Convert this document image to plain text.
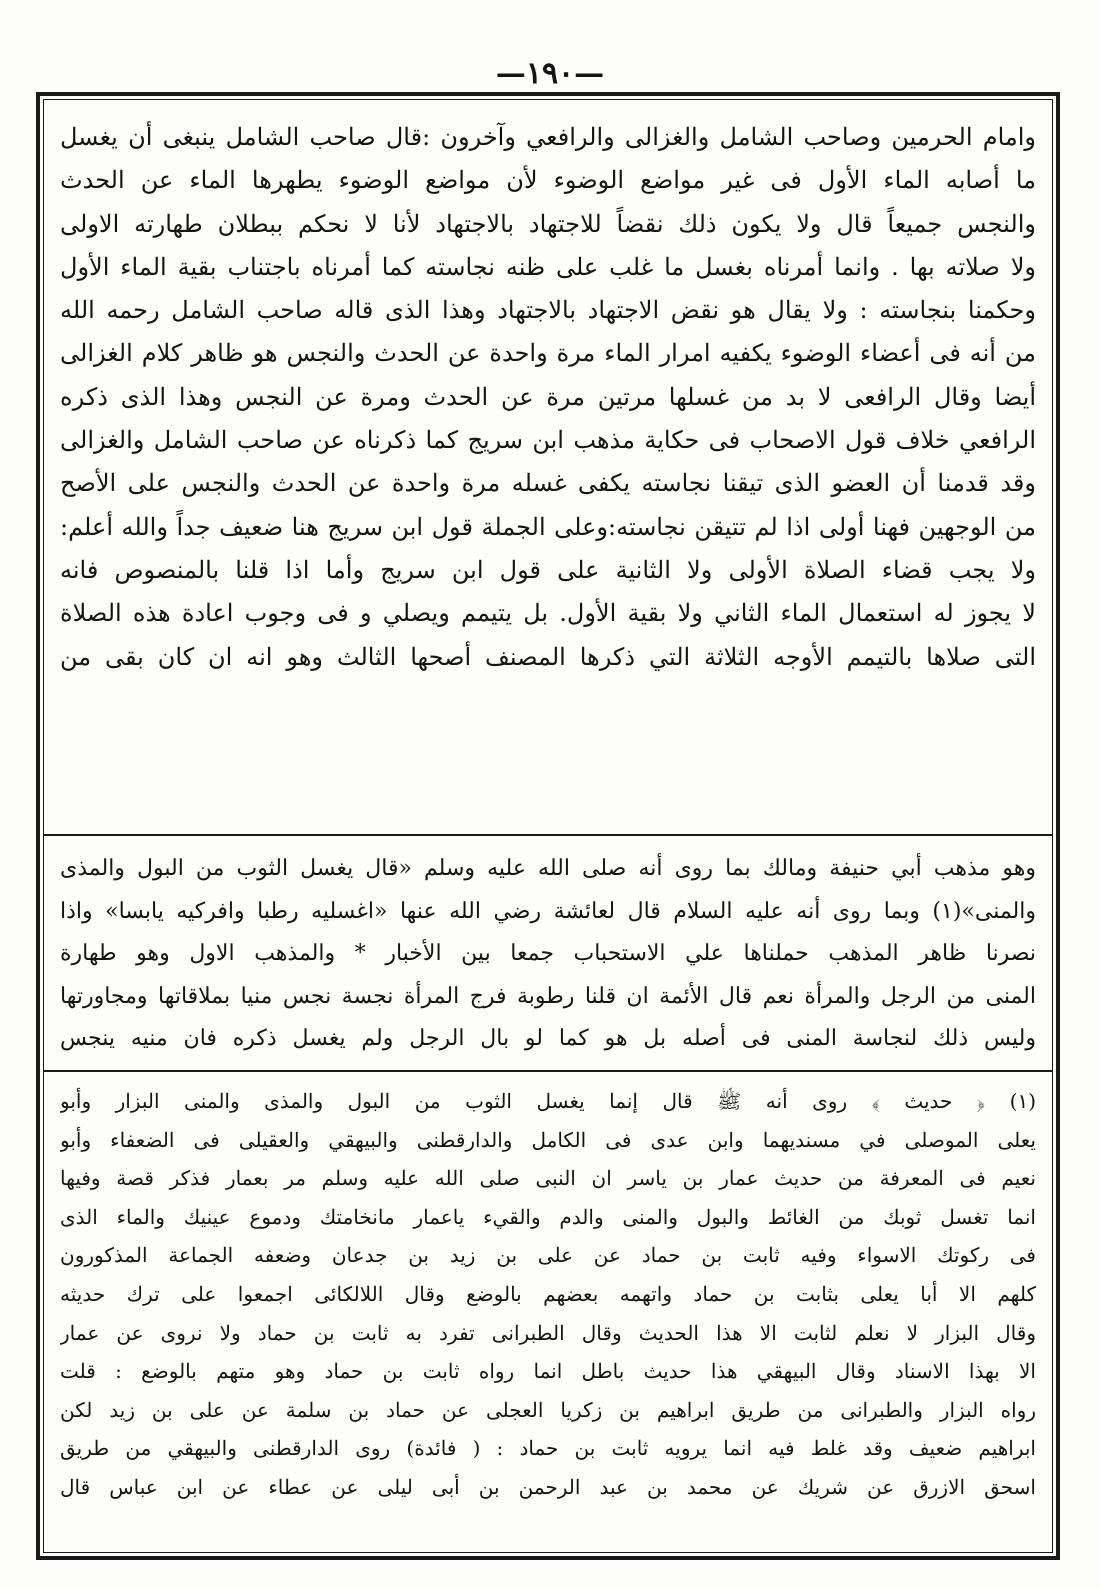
—١٩٠—

وامام الحرمين وصاحب الشامل والغزالى والرافعي وآخرون :قال صاحب الشامل ينبغى أن يغسل

ما أصابه الماء الأول فى غير مواضع الوضوء لأن مواضع الوضوء يطهرها الماء عن الحدث

والنجس جميعاً قال ولا يكون ذلك نقضاً للاجتهاد بالاجتهاد لأنا لا نحكم ببطلان طهارته الاولى

ولا صلاته بها . وانما أمرناه بغسل ما غلب على ظنه نجاسته كما أمرناه باجتناب بقية الماء الأول

وحكمنا بنجاسته : ولا يقال هو نقض الاجتهاد بالاجتهاد وهذا الذى قاله صاحب الشامل رحمه الله

من أنه فى أعضاء الوضوء يكفيه امرار الماء مرة واحدة عن الحدث والنجس هو ظاهر كلام الغزالى

أيضا وقال الرافعى لا بد من غسلها مرتين مرة عن الحدث ومرة عن النجس وهذا الذى ذكره

الرافعي خلاف قول الاصحاب فى حكاية مذهب ابن سريج كما ذكرناه عن صاحب الشامل والغزالى

وقد قدمنا أن العضو الذى تيقنا نجاسته يكفى غسله مرة واحدة عن الحدث والنجس على الأصح

من الوجهين فهنا أولى اذا لم تتيقن نجاسته:وعلى الجملة قول ابن سريج هنا ضعيف جداً والله أعلم:

ولا يجب قضاء الصلاة الأولى ولا الثانية على قول ابن سريج وأما اذا قلنا بالمنصوص فانه

لا يجوز له استعمال الماء الثاني ولا بقية الأول. بل يتيمم ويصلي و فى وجوب اعادة هذه الصلاة

التى صلاها بالتيمم الأوجه الثلاثة التي ذكرها المصنف أصحها الثالث وهو انه ان كان بقى من

وهو مذهب أبي حنيفة ومالك بما روى أنه صلى الله عليه وسلم «قال يغسل الثوب من البول والمذى

والمنى»(١) وبما روى أنه عليه السلام قال لعائشة رضي الله عنها «اغسليه رطبا وافركيه يابسا» واذا

نصرنا ظاهر المذهب حملناها علي الاستحباب جمعا بين الأخبار * والمذهب الاول وهو طهارة

المنى من الرجل والمرأة نعم قال الأئمة ان قلنا رطوبة فرج المرأة نجسة نجس منيا بملاقاتها ومجاورتها

وليس ذلك لنجاسة المنى فى أصله بل هو كما لو بال الرجل ولم يغسل ذكره فان منيه ينجس

(١) ﴿ حديث ﴾ روى أنه ﷺ قال إنما يغسل الثوب من البول والمذى والمنى البزار وأبو

يعلى الموصلى في مسنديهما وابن عدى فى الكامل والدارقطنى والبيهقي والعقيلى فى الضعفاء وأبو

نعيم فى المعرفة من حديث عمار بن ياسر ان النبى صلى الله عليه وسلم مر بعمار فذكر قصة وفيها

انما تغسل ثوبك من الغائط والبول والمنى والدم والقيء ياعمار مانخامتك ودموع عينيك والماء الذى

فى ركوتك الاسواء وفيه ثابت بن حماد عن على بن زيد بن جدعان وضعفه الجماعة المذكورون

كلهم الا أبا يعلى بثابت بن حماد واتهمه بعضهم بالوضع وقال اللالكائى اجمعوا على ترك حديثه

وقال البزار لا نعلم لثابت الا هذا الحديث وقال الطبرانى تفرد به ثابت بن حماد ولا نروى عن عمار

الا بهذا الاسناد وقال البيهقي هذا حديث باطل انما رواه ثابت بن حماد وهو متهم بالوضع : قلت

رواه البزار والطبرانى من طريق ابراهيم بن زكريا العجلى عن حماد بن سلمة عن على بن زيد لكن

ابراهيم ضعيف وقد غلط فيه انما يرويه ثابت بن حماد : ( فائدة) روى الدارقطنى والبيهقي من طريق

اسحق الازرق عن شريك عن محمد بن عبد الرحمن بن أبى ليلى عن عطاء عن ابن عباس قال
